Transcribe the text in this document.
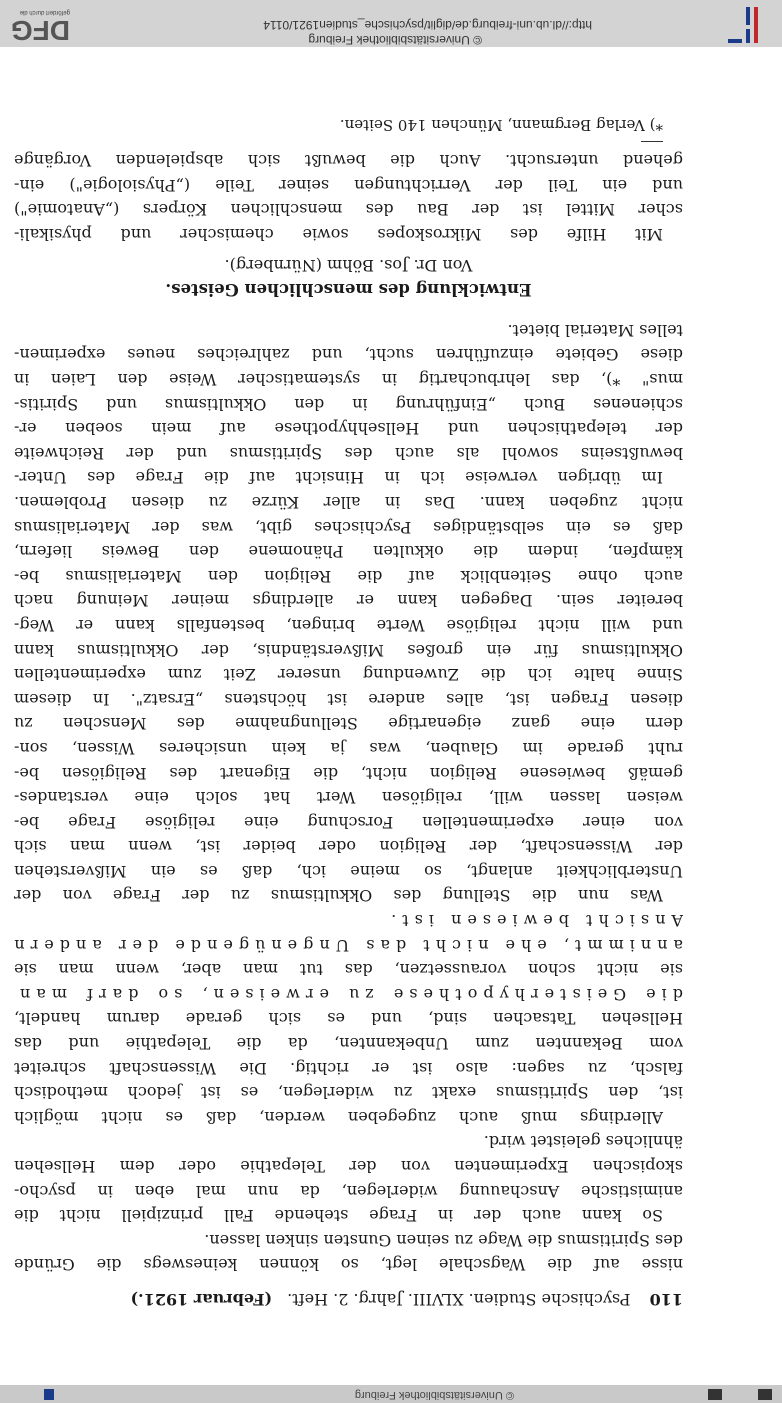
© Universitätsbibliothek Freiburg
110 Psychische Studien. XLVIII. Jahrg. 2. Heft. (Februar 1921.)
nisse auf die Wagschale legt, so können keineswegs die Gründe
des Spiritismus die Wage zu seinen Gunsten sinken lassen.
So kann auch der in Frage stehende Fall prinzipiell nicht die
animistische Anschauung widerlegen, da nun mal eben in psycho-
skopischen Experimenten von der Telepathie oder dem Hellsehen
ähnliches geleistet wird.
Allerdings muß auch zugegeben werden, daß es nicht möglich
ist, den Spiritismus exakt zu widerlegen, es ist jedoch methodisch
falsch, zu sagen: also ist er richtig. Die Wissenschaft schreitet
vom Bekannten zum Unbekannten, da die Telepathie und das
Hellsehen Tatsachen sind, und es sich gerade darum handelt,
die Geisterhypothese zu erweisen, so darf man
sie nicht schon voraussetzen, das tut man aber, wenn man sie
annimmt, ehe nicht das Ungenügende der andern
Ansicht bewiesen ist.
Was nun die Stellung des Okkultismus zu der Frage von der
Unsterblichkeit anlangt, so meine ich, daß es ein Mißverstehen
der Wissenschaft, der Religion oder beider ist, wenn man sich
von einer experimentellen Forschung eine religiöse Frage be-
weisen lassen will, religiösen Wert hat solch eine verstandes-
gemäß bewiesene Religion nicht, die Eigenart des Religiösen be-
ruht gerade im Glauben, was ja kein unsicheres Wissen, son-
dern eine ganz eigenartige Stellungnahme des Menschen zu
diesen Fragen ist, alles andere ist höchstens „Ersatz". In diesem
Sinne halte ich die Zuwendung unserer Zeit zum experimentellen
Okkultismus für ein großes Mißverständnis, der Okkultismus kann
und will nicht religiöse Werte bringen, bestenfalls kann er Weg-
bereiter sein. Dagegen kann er allerdings meiner Meinung nach
auch ohne Seitenblick auf die Religion den Materialismus be-
kämpfen, indem die okkulten Phänomene den Beweis liefern,
daß es ein selbständiges Psychisches gibt, was der Materialismus
nicht zugeben kann. Das in aller Kürze zu diesen Problemen.
Im übrigen verweise ich in Hinsicht auf die Frage des Unter-
bewußtseins sowohl als auch des Spiritismus und der Reichweite
der telepathischen und Hellsehhypothese auf mein soeben er-
schienenes Buch „Einführung in den Okkultismus und Spiritis-
mus" *), das lehrbuchartig in systematischer Weise den Laien in
diese Gebiete einzuführen sucht, und zahlreiches neues experimen-
telles Material bietet.
Entwicklung des menschlichen Geistes.
Von Dr. Jos. Böhm (Nürnberg).
Mit Hilfe des Mikroskopes sowie chemischer und physikali-
scher Mittel ist der Bau des menschlichen Körpers („Anatomie")
und ein Teil der Verrichtungen seiner Teile („Physiologie") ein-
gehend untersucht. Auch die bewußt sich abspielenden Vorgänge
*) Verlag Bergmann, München 140 Seiten.
© Universitätsbibliothek Freiburg
http://dl.ub.uni-freiburg.de/diglit/psychische_studien1921/0114
DFG
gefördert durch die
